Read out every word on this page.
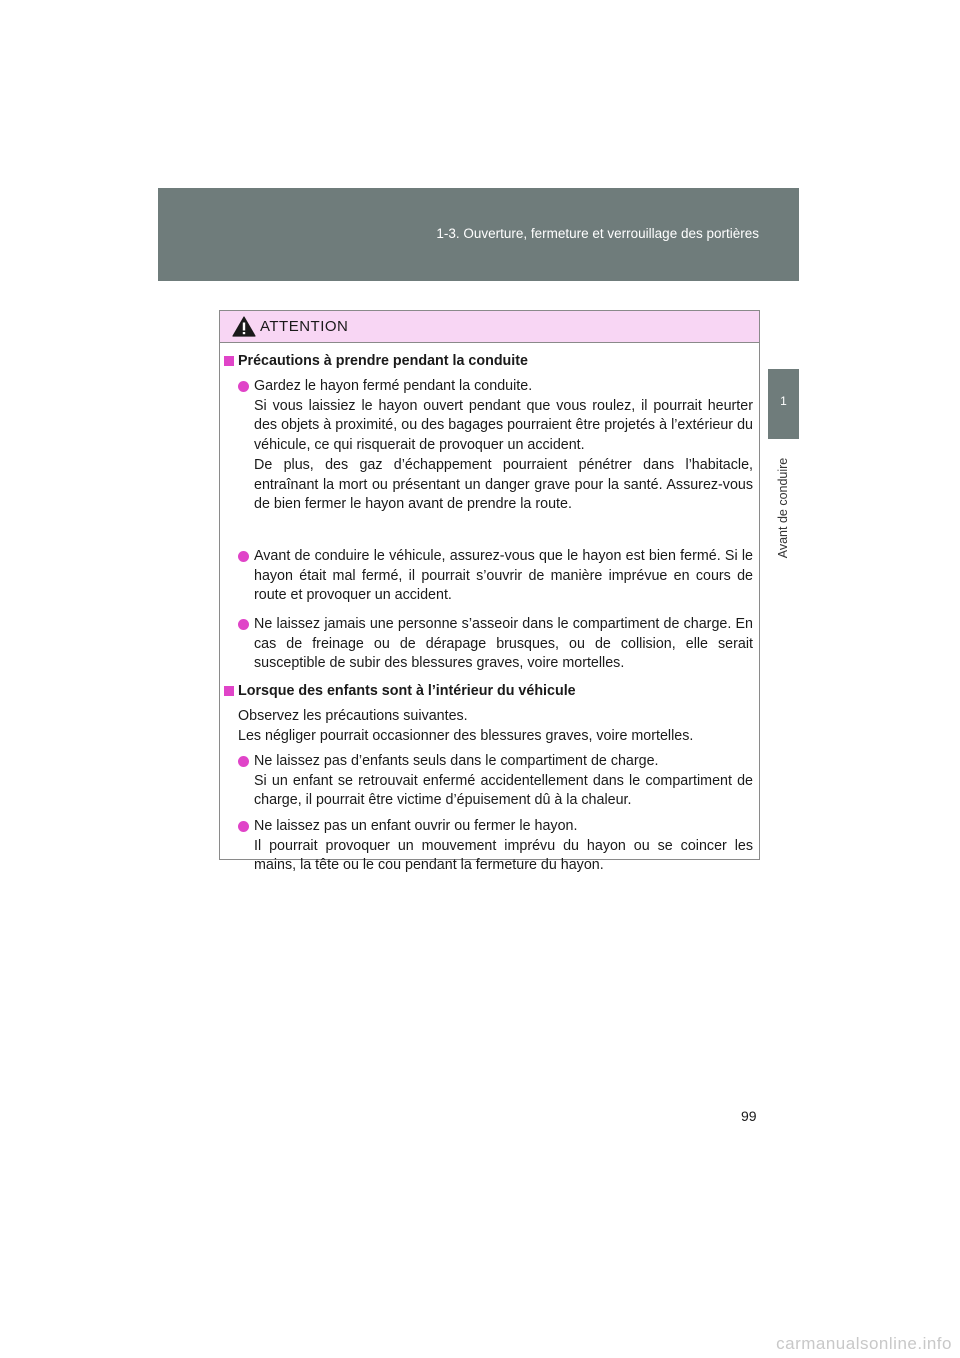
1-3. Ouverture, fermeture et verrouillage des portières
1
Avant de conduire
ATTENTION
Précautions à prendre pendant la conduite

Gardez le hayon fermé pendant la conduite.

Si vous laissiez le hayon ouvert pendant que vous roulez, il pourrait heurter des objets à proximité, ou des bagages pourraient être projetés à l’extérieur du véhicule, ce qui risquerait de provoquer un accident.

De plus, des gaz d’échappement pourraient pénétrer dans l’habitacle, entraînant la mort ou présentant un danger grave pour la santé. Assurez-vous de bien fermer le hayon avant de prendre la route.

Avant de conduire le véhicule, assurez-vous que le hayon est bien fermé. Si le hayon était mal fermé, il pourrait s’ouvrir de manière imprévue en cours de route et provoquer un accident.

Ne laissez jamais une personne s’asseoir dans le compartiment de charge. En cas de freinage ou de dérapage brusques, ou de collision, elle serait susceptible de subir des blessures graves, voire mortelles.

Lorsque des enfants sont à l’intérieur du véhicule

Observez les précautions suivantes.

Les négliger pourrait occasionner des blessures graves, voire mortelles.

Ne laissez pas d’enfants seuls dans le compartiment de charge.

Si un enfant se retrouvait enfermé accidentellement dans le compartiment de charge, il pourrait être victime d’épuisement dû à la chaleur.

Ne laissez pas un enfant ouvrir ou fermer le hayon.

Il pourrait provoquer un mouvement imprévu du hayon ou se coincer les mains, la tête ou le cou pendant la fermeture du hayon.

99
carmanualsonline.info
